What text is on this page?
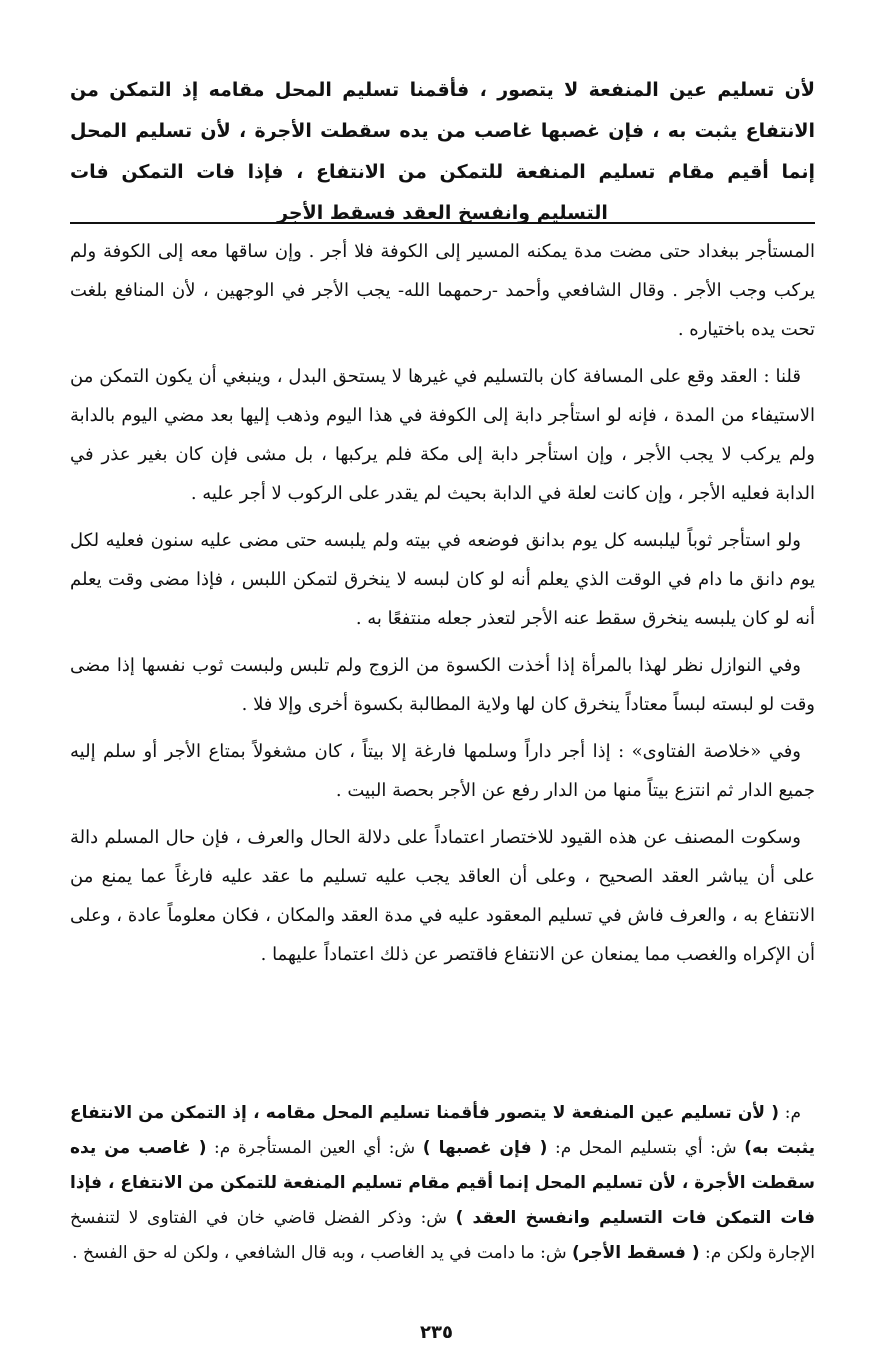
لأن تسليم عين المنفعة لا يتصور ، فأقمنا تسليم المحل مقامه إذ التمكن من الانتفاع يثبت به ، فإن غصبها غاصب من يده سقطت الأجرة ، لأن تسليم المحل إنما أقيم مقام تسليم المنفعة للتمكن من الانتفاع ، فإذا فات التمكن فات التسليم وانفسخ العقد فسقط الأجر

المستأجر ببغداد حتى مضت مدة يمكنه المسير إلى الكوفة فلا أجر . وإن ساقها معه إلى الكوفة ولم يركب وجب الأجر . وقال الشافعي وأحمد -رحمهما الله- يجب الأجر في الوجهين ، لأن المنافع بلغت تحت يده باختياره .

قلنا : العقد وقع على المسافة كان بالتسليم في غيرها لا يستحق البدل ، وينبغي أن يكون التمكن من الاستيفاء من المدة ، فإنه لو استأجر دابة إلى الكوفة في هذا اليوم وذهب إليها بعد مضي اليوم بالدابة ولم يركب لا يجب الأجر ، وإن استأجر دابة إلى مكة فلم يركبها ، بل مشى فإن كان بغير عذر في الدابة فعليه الأجر ، وإن كانت لعلة في الدابة بحيث لم يقدر على الركوب لا أجر عليه .

ولو استأجر ثوباً ليلبسه كل يوم بدانق فوضعه في بيته ولم يلبسه حتى مضى عليه سنون فعليه لكل يوم دانق ما دام في الوقت الذي يعلم أنه لو كان لبسه لا ينخرق لتمكن اللبس ، فإذا مضى وقت يعلم أنه لو كان يلبسه ينخرق سقط عنه الأجر لتعذر جعله منتفعًا به .

وفي النوازل نظر لهذا بالمرأة إذا أخذت الكسوة من الزوج ولم تلبس ولبست ثوب نفسها إذا مضى وقت لو لبسته لبساً معتاداً ينخرق كان لها ولاية المطالبة بكسوة أخرى وإلا فلا .

وفي «خلاصة الفتاوى» : إذا أجر داراً وسلمها فارغة إلا بيتاً ، كان مشغولاً بمتاع الأجر أو سلم إليه جميع الدار ثم انتزع بيتاً منها من الدار رفع عن الأجر بحصة البيت .

وسكوت المصنف عن هذه القيود للاختصار اعتماداً على دلالة الحال والعرف ، فإن حال المسلم دالة على أن يباشر العقد الصحيح ، وعلى أن العاقد يجب عليه تسليم ما عقد عليه فارغاً عما يمنع من الانتفاع به ، والعرف فاش في تسليم المعقود عليه في مدة العقد والمكان ، فكان معلوماً عادة ، وعلى أن الإكراه والغصب مما يمنعان عن الانتفاع فاقتصر عن ذلك اعتماداً عليهما .

م: ( لأن تسليم عين المنفعة لا يتصور فأقمنا تسليم المحل مقامه ، إذ التمكن من الانتفاع يثبت به) ش: أي بتسليم المحل م: ( فإن غصبها ) ش: أي العين المستأجرة م: ( غاصب من يده سقطت الأجرة ، لأن تسليم المحل إنما أقيم مقام تسليم المنفعة للتمكن من الانتفاع ، فإذا فات التمكن فات التسليم وانفسخ العقد ) ش: وذكر الفضل قاضي خان في الفتاوى لا لتنفسخ الإجارة ولكن م: ( فسقط الأجر) ش: ما دامت في يد الغاصب ، وبه قال الشافعي ، ولكن له حق الفسخ .
٢٣٥
